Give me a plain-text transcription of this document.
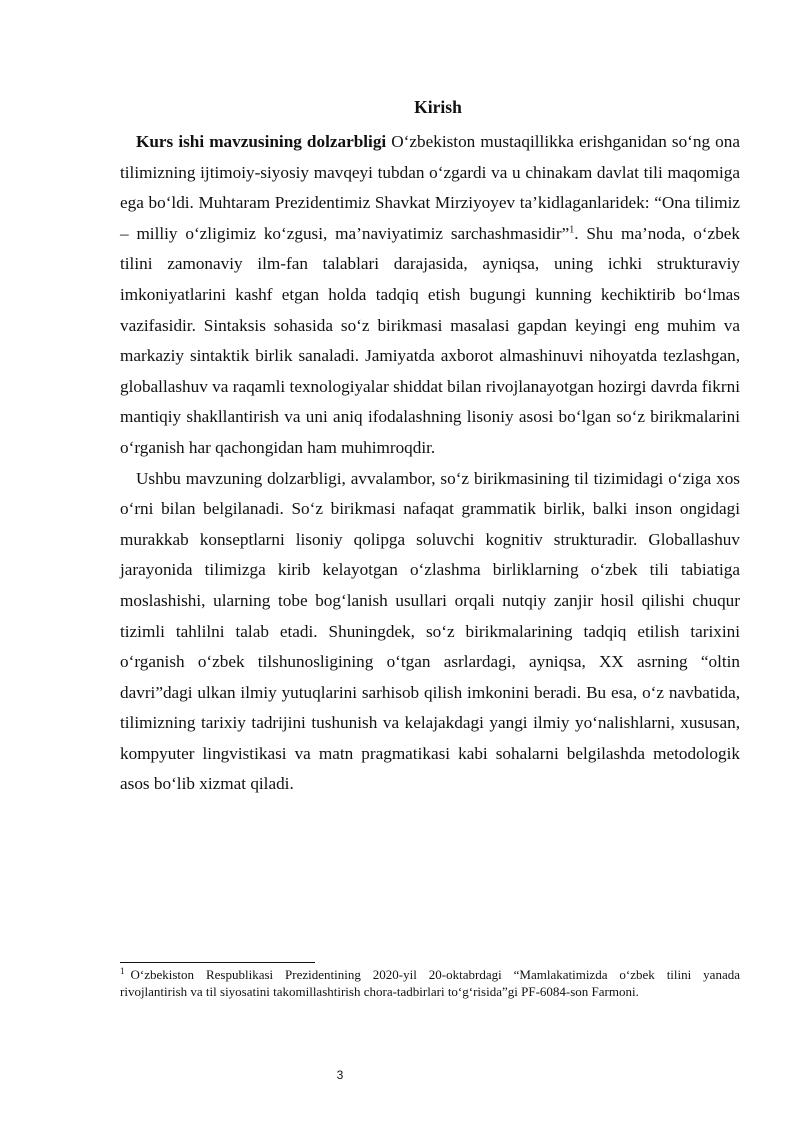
Kirish

Kurs ishi mavzusining dolzarbligi O‘zbekiston mustaqillikka erishganidan so‘ng ona tilimizning ijtimoiy-siyosiy mavqeyi tubdan o‘zgardi va u chinakam davlat tili maqomiga ega bo‘ldi. Muhtaram Prezidentimiz Shavkat Mirziyoyev ta’kidlaganlaridek: “Ona tilimiz – milliy o‘zligimiz ko‘zgusi, ma’naviyatimiz sarchashmasidir”$^1$. Shu ma’noda, o‘zbek tilini zamonaviy ilm-fan talablari darajasida, ayniqsa, uning ichki strukturaviy imkoniyatlarini kashf etgan holda tadqiq etish bugungi kunning kechiktirib bo‘lmas vazifasidir. Sintaksis sohasida so‘z birikmasi masalasi gapdan keyingi eng muhim va markaziy sintaktik birlik sanaladi. Jamiyatda axborot almashinuvi nihoyatda tezlashgan, globallashuv va raqamli texnologiyalar shiddat bilan rivojlanayotgan hozirgi davrda fikrni mantiqiy shakllantirish va uni aniq ifodalashning lisoniy asosi bo‘lgan so‘z birikmalarini o‘rganish har qachongidan ham muhimroqdir.

Ushbu mavzuning dolzarbligi, avvalambor, so‘z birikmasining til tizimidagi o‘ziga xos o‘rni bilan belgilanadi. So‘z birikmasi nafaqat grammatik birlik, balki inson ongidagi murakkab konseptlarni lisoniy qolipga soluvchi kognitiv strukturadir. Globallashuv jarayonida tilimizga kirib kelayotgan o‘zlashma birliklarning o‘zbek tili tabiatiga moslashishi, ularning tobe bog‘lanish usullari orqali nutqiy zanjir hosil qilishi chuqur tizimli tahlilni talab etadi. Shuningdek, so‘z birikmalarining tadqiq etilish tarixini o‘rganish o‘zbek tilshunosligining o‘tgan asrlardagi, ayniqsa, XX asrning “oltin davri”dagi ulkan ilmiy yutuqlarini sarhisob qilish imkonini beradi. Bu esa, o‘z navbatida, tilimizning tarixiy tadrijini tushunish va kelajakdagi yangi ilmiy yo‘nalishlarni, xususan, kompyuter lingvistikasi va matn pragmatikasi kabi sohalarni belgilashda metodologik asos bo‘lib xizmat qiladi.

$^1$ O‘zbekiston Respublikasi Prezidentining 2020-yil 20-oktabrdagi “Mamlakatimizda o‘zbek tilini yanada rivojlantirish va til siyosatini takomillashtirish chora-tadbirlari to‘g‘risida”gi PF-6084-son Farmoni.
3
